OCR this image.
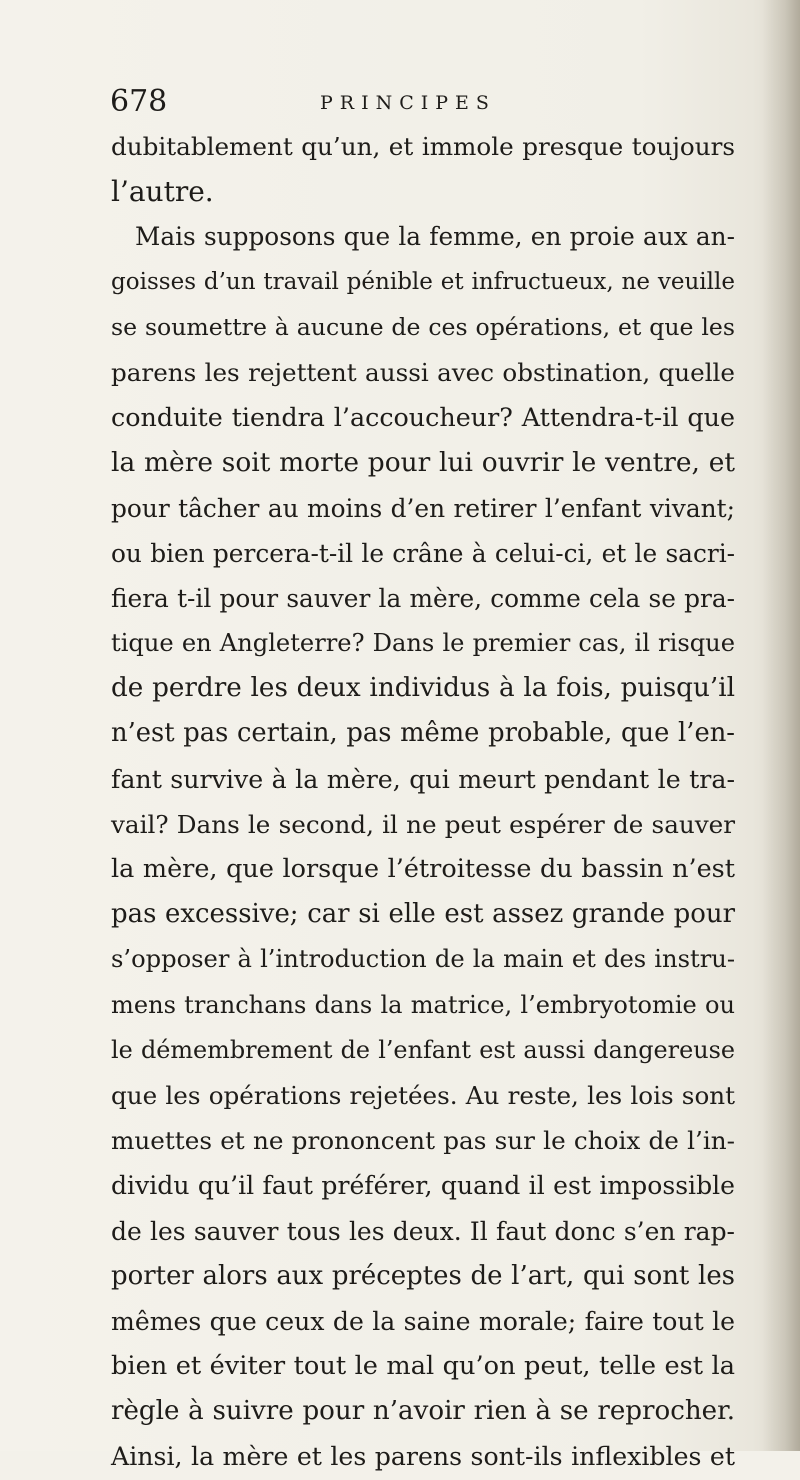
678	PRINCIPES
dubitablement qu’un, et immole presque toujours
l’autre.
Mais supposons que la femme, en proie aux an-
goisses d’un travail pénible et infructueux, ne veuille
se soumettre à aucune de ces opérations, et que les
parens les rejettent aussi avec obstination, quelle
conduite tiendra l’accoucheur? Attendra-t-il que
la mère soit morte pour lui ouvrir le ventre, et
pour tâcher au moins d’en retirer l’enfant vivant;
ou bien percera-t-il le crâne à celui-ci, et le sacri-
fiera t-il pour sauver la mère, comme cela se pra-
tique en Angleterre? Dans le premier cas, il risque
de perdre les deux individus à la fois, puisqu’il
n’est pas certain, pas même probable, que l’en-
fant survive à la mère, qui meurt pendant le tra-
vail? Dans le second, il ne peut espérer de sauver
la mère, que lorsque l’étroitesse du bassin n’est
pas excessive; car si elle est assez grande pour
s’opposer à l’introduction de la main et des instru-
mens tranchans dans la matrice, l’embryotomie ou
le démembrement de l’enfant est aussi dangereuse
que les opérations rejetées. Au reste, les lois sont
muettes et ne prononcent pas sur le choix de l’in-
dividu qu’il faut préférer, quand il est impossible
de les sauver tous les deux. Il faut donc s’en rap-
porter alors aux préceptes de l’art, qui sont les
mêmes que ceux de la saine morale; faire tout le
bien et éviter tout le mal qu’on peut, telle est la
règle à suivre pour n’avoir rien à se reprocher.
Ainsi, la mère et les parens sont-ils inflexibles et
